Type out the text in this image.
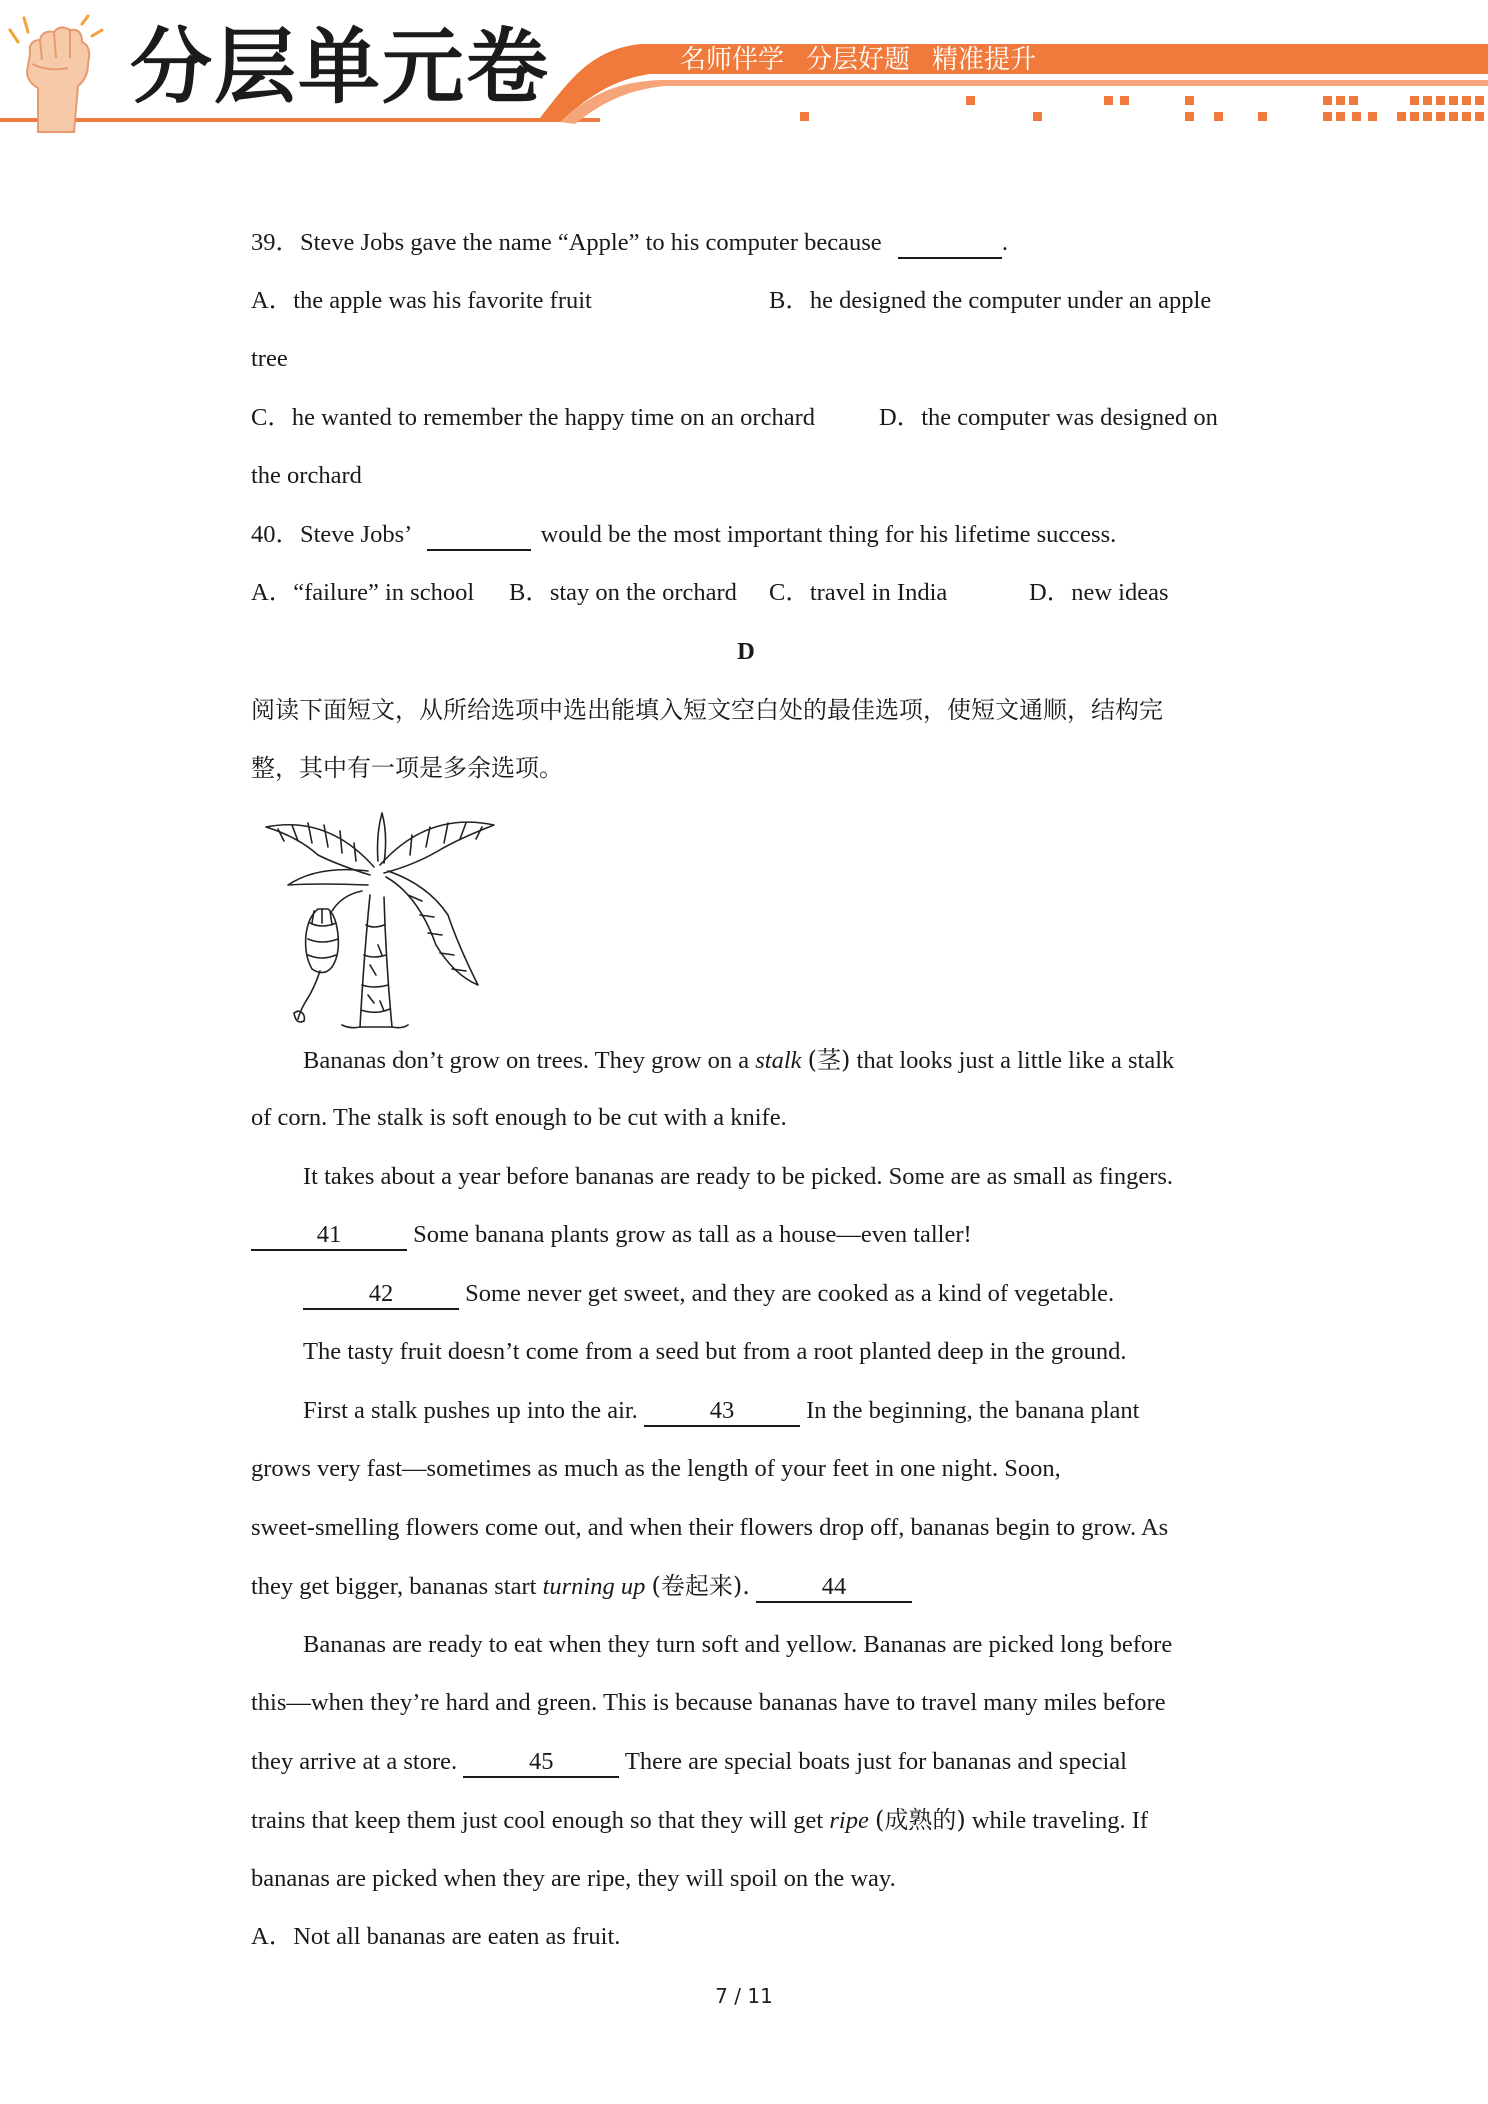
分层单元卷	名师伴学 分层好题 精准提升
39．Steve Jobs gave the name “Apple” to his computer because	.
A．the apple was his favorite fruit	B．he designed the computer under an apple
tree
C．he wanted to remember the happy time on an orchard	D．the computer was designed on
the orchard
40．Steve Jobs’	would be the most important thing for his lifetime success.
A．“failure” in school B．stay on the orchard C．travel in India	D．new ideas
D
阅读下面短文，从所给选项中选出能填入短文空白处的最佳选项，使短文通顺，结构完
整，其中有一项是多余选项。
Bananas don’t grow on trees. They grow on a stalk (茎) that looks just a little like a stalk
of corn. The stalk is soft enough to be cut with a knife.
It takes about a year before bananas are ready to be picked. Some are as small as fingers.
41	Some banana plants grow as tall as a house—even taller!
42	Some never get sweet, and they are cooked as a kind of vegetable.
The tasty fruit doesn’t come from a seed but from a root planted deep in the ground.
First a stalk pushes up into the air.	43	In the beginning, the banana plant
grows very fast—sometimes as much as the length of your feet in one night. Soon,
sweet-smelling flowers come out, and when their flowers drop off, bananas begin to grow. As
they get bigger, bananas start turning up (卷起来).	44
Bananas are ready to eat when they turn soft and yellow. Bananas are picked long before
this—when they’re hard and green. This is because bananas have to travel many miles before
they arrive at a store.	45	There are special boats just for bananas and special
trains that keep them just cool enough so that they will get ripe (成熟的) while traveling. If
bananas are picked when they are ripe, they will spoil on the way.
A．Not all bananas are eaten as fruit.
7 / 11
